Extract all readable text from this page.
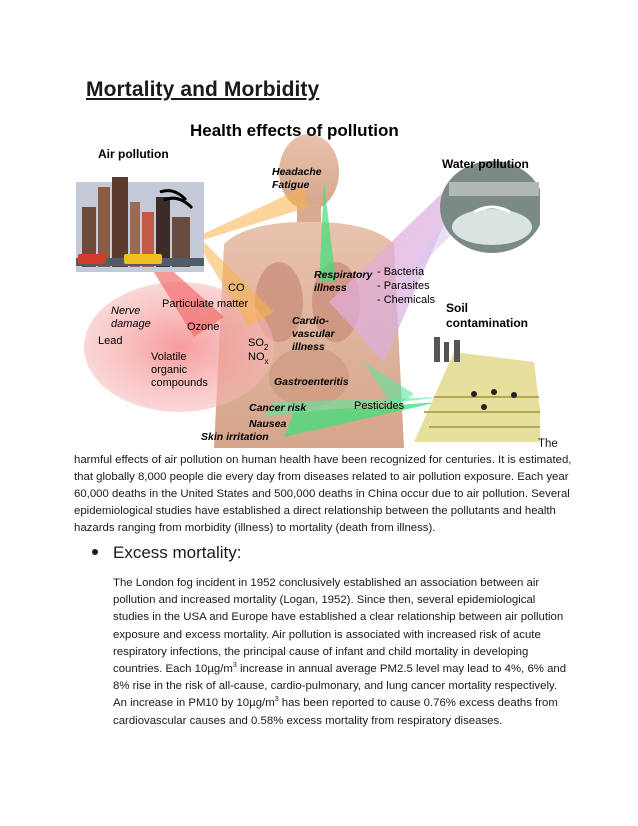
Mortality and Morbidity
Health effects of pollution
Air pollution
Water pollution
Soil
contamination
Headache
Fatigue
CO
Nerve
damage
Particulate matter
Ozone
Lead
Volatile
organic
compounds
$SO_2$
$NO_x$
Respiratory
illness
Cardio-
vascular
illness
- Bacteria
- Parasites
- Chemicals
Gastroenteritis
Cancer risk
Nausea
Skin irritation
Pesticides
The
harmful effects of air pollution on human health have been recognized for centuries. It is estimated, that globally 8,000 people die every day from diseases related to air pollution exposure. Each year 60,000 deaths in the United States and 500,000 deaths in China occur due to air pollution. Several epidemiological studies have established a direct relationship between the pollutants and health hazards ranging from morbidity (illness) to mortality (death from illness).
Excess mortality:
The London fog incident in 1952 conclusively established an association between air pollution and increased mortality (Logan, 1952). Since then, several epidemiological studies in the USA and Europe have established a clear relationship between air pollution exposure and excess mortality. Air pollution is associated with increased risk of acute respiratory infections, the principal cause of infant and child mortality in developing countries. Each $10\mu g/m^3$ increase in annual average PM2.5 level may lead to 4%, 6% and 8% rise in the risk of all-cause, cardio-pulmonary, and lung cancer mortality respectively. An increase in PM10 by $10\mu g/m^3$ has been reported to cause 0.76% excess deaths from cardiovascular causes and 0.58% excess mortality from respiratory diseases.
